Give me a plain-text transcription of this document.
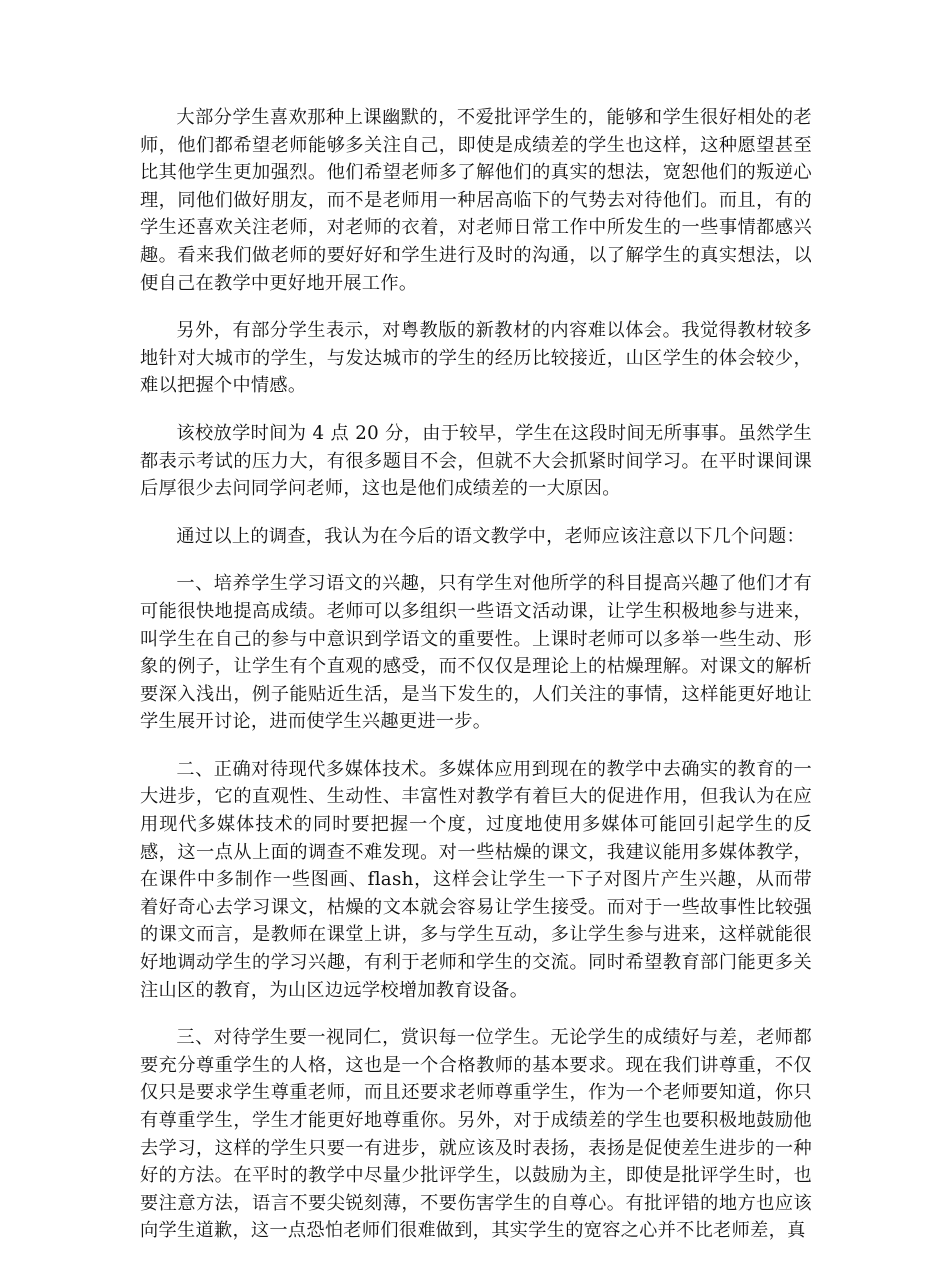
大部分学生喜欢那种上课幽默的，不爱批评学生的，能够和学生很好相处的老师，他们都希望老师能够多关注自己，即使是成绩差的学生也这样，这种愿望甚至比其他学生更加强烈。他们希望老师多了解他们的真实的想法，宽恕他们的叛逆心理，同他们做好朋友，而不是老师用一种居高临下的气势去对待他们。而且，有的学生还喜欢关注老师，对老师的衣着，对老师日常工作中所发生的一些事情都感兴趣。看来我们做老师的要好好和学生进行及时的沟通，以了解学生的真实想法，以便自己在教学中更好地开展工作。

另外，有部分学生表示，对粤教版的新教材的内容难以体会。我觉得教材较多地针对大城市的学生，与发达城市的学生的经历比较接近，山区学生的体会较少，难以把握个中情感。

该校放学时间为 4 点 20 分，由于较早，学生在这段时间无所事事。虽然学生都表示考试的压力大，有很多题目不会，但就不大会抓紧时间学习。在平时课间课后厚很少去问同学问老师，这也是他们成绩差的一大原因。

通过以上的调查，我认为在今后的语文教学中，老师应该注意以下几个问题：

一、培养学生学习语文的兴趣，只有学生对他所学的科目提高兴趣了他们才有可能很快地提高成绩。老师可以多组织一些语文活动课，让学生积极地参与进来，叫学生在自己的参与中意识到学语文的重要性。上课时老师可以多举一些生动、形象的例子，让学生有个直观的感受，而不仅仅是理论上的枯燥理解。对课文的解析要深入浅出，例子能贴近生活，是当下发生的，人们关注的事情，这样能更好地让学生展开讨论，进而使学生兴趣更进一步。

二、正确对待现代多媒体技术。多媒体应用到现在的教学中去确实的教育的一大进步，它的直观性、生动性、丰富性对教学有着巨大的促进作用，但我认为在应用现代多媒体技术的同时要把握一个度，过度地使用多媒体可能回引起学生的反感，这一点从上面的调查不难发现。对一些枯燥的课文，我建议能用多媒体教学，在课件中多制作一些图画、flash，这样会让学生一下子对图片产生兴趣，从而带着好奇心去学习课文，枯燥的文本就会容易让学生接受。而对于一些故事性比较强的课文而言，是教师在课堂上讲，多与学生互动，多让学生参与进来，这样就能很好地调动学生的学习兴趣，有利于老师和学生的交流。同时希望教育部门能更多关注山区的教育，为山区边远学校增加教育设备。

三、对待学生要一视同仁，赏识每一位学生。无论学生的成绩好与差，老师都要充分尊重学生的人格，这也是一个合格教师的基本要求。现在我们讲尊重，不仅仅只是要求学生尊重老师，而且还要求老师尊重学生，作为一个老师要知道，你只有尊重学生，学生才能更好地尊重你。另外，对于成绩差的学生也要积极地鼓励他去学习，这样的学生只要一有进步，就应该及时表扬，表扬是促使差生进步的一种好的方法。在平时的教学中尽量少批评学生，以鼓励为主，即使是批评学生时，也要注意方法，语言不要尖锐刻薄，不要伤害学生的自尊心。有批评错的地方也应该向学生道歉，这一点恐怕老师们很难做到，其实学生的宽容之心并不比老师差，真
